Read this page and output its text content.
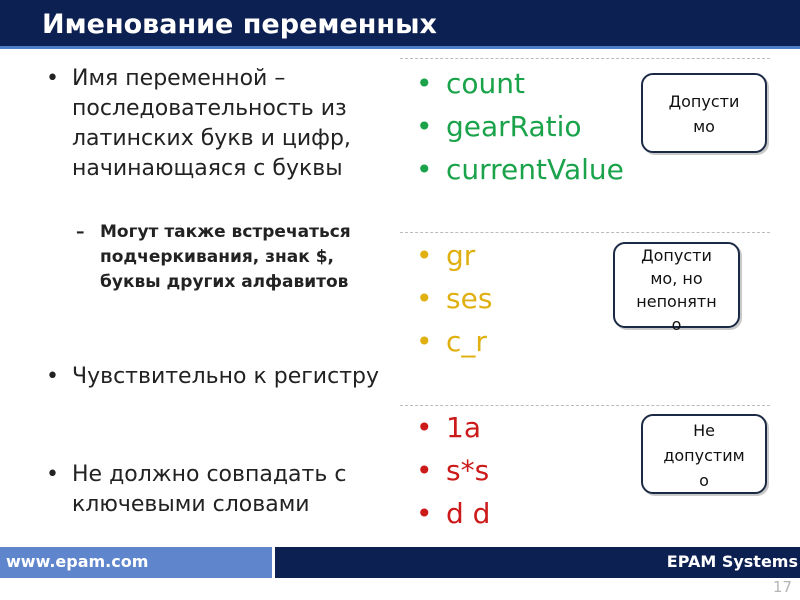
Именование переменных
• Имя переменной – последовательность из латинских букв и цифр, начинающаяся с буквы
– Могут также встречаться подчеркивания, знак $, буквы других алфавитов
• Чувствительно к регистру
• Не должно совпадать с ключевыми словами
• count
• gearRatio
• currentValue
• gr
• ses
• c_r
• 1a
• s*s
• d d
Допусти
мо
Допусти
мо, но
непонятн
о
Не
допустим
о
www.epam.com	EPAM Systems
17
